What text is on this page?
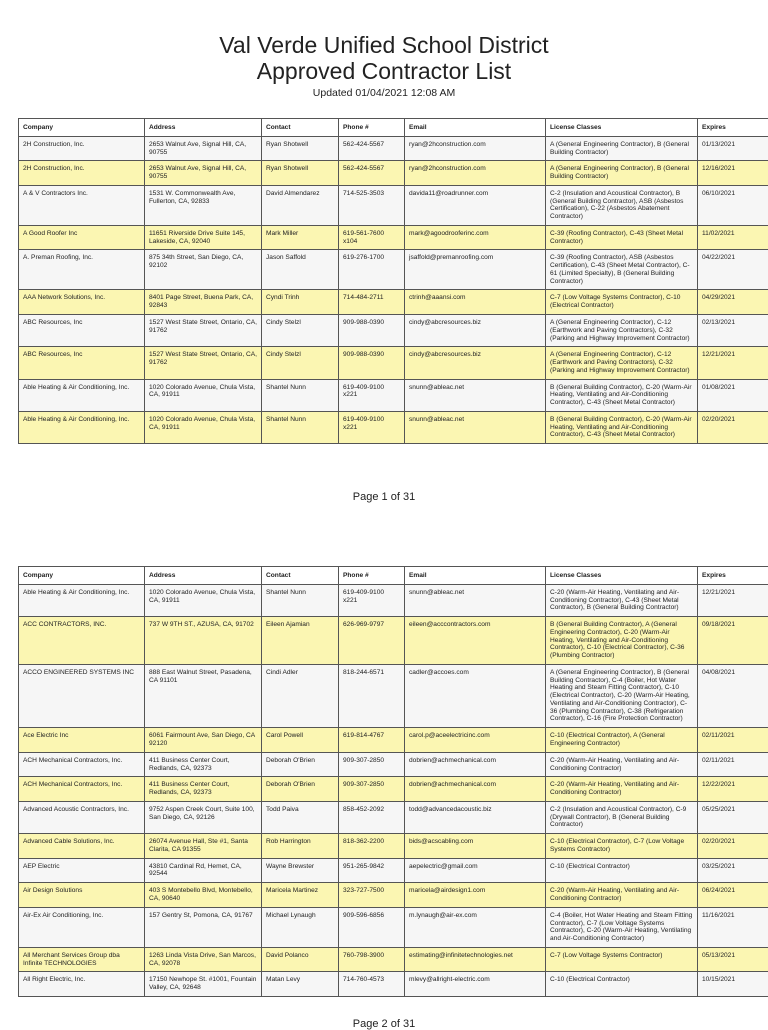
Val Verde Unified School District
Approved Contractor List
Updated 01/04/2021 12:08 AM
Company	Address	Contact	Phone #	Email	License Classes	Expires
2H Construction, Inc.	2653 Walnut Ave, Signal Hill, CA, 90755	Ryan Shotwell	562-424-5567	ryan@2hconstruction.com	A (General Engineering Contractor), B (General Building Contractor)	01/13/2021
2H Construction, Inc.	2653 Walnut Ave, Signal Hill, CA, 90755	Ryan Shotwell	562-424-5567	ryan@2hconstruction.com	A (General Engineering Contractor), B (General Building Contractor)	12/16/2021
A & V Contractors Inc.	1531 W. Commonwealth Ave, Fullerton, CA, 92833	David Almendarez	714-525-3503	davida11@roadrunner.com	C-2 (Insulation and Acoustical Contractor), B (General Building Contractor), ASB (Asbestos Certification), C-22 (Asbestos Abatement Contractor)	06/10/2021
A Good Roofer Inc	11651 Riverside Drive Suite 145, Lakeside, CA, 92040	Mark Miller	619-561-7600 x104	mark@agoodrooferinc.com	C-39 (Roofing Contractor), C-43 (Sheet Metal Contractor)	11/02/2021
A. Preman Roofing, Inc.	875 34th Street, San Diego, CA, 92102	Jason Saffold	619-276-1700	jsaffold@premanroofing.com	C-39 (Roofing Contractor), ASB (Asbestos Certification), C-43 (Sheet Metal Contractor), C-61 (Limited Specialty), B (General Building Contractor)	04/22/2021
AAA Network Solutions, Inc.	8401 Page Street, Buena Park, CA, 92843	Cyndi Trinh	714-484-2711	ctrinh@aaansi.com	C-7 (Low Voltage Systems Contractor), C-10 (Electrical Contractor)	04/29/2021
ABC Resources, Inc	1527 West State Street, Ontario, CA, 91762	Cindy Stelzl	909-988-0390	cindy@abcresources.biz	A (General Engineering Contractor), C-12 (Earthwork and Paving Contractors), C-32 (Parking and Highway Improvement Contractor)	02/13/2021
ABC Resources, Inc	1527 West State Street, Ontario, CA, 91762	Cindy Stelzl	909-988-0390	cindy@abcresources.biz	A (General Engineering Contractor), C-12 (Earthwork and Paving Contractors), C-32 (Parking and Highway Improvement Contractor)	12/21/2021
Able Heating & Air Conditioning, Inc.	1020 Colorado Avenue, Chula Vista, CA, 91911	Shantel Nunn	619-409-9100 x221	snunn@ableac.net	B (General Building Contractor), C-20 (Warm-Air Heating, Ventilating and Air-Conditioning Contractor), C-43 (Sheet Metal Contractor)	01/08/2021
Able Heating & Air Conditioning, Inc.	1020 Colorado Avenue, Chula Vista, CA, 91911	Shantel Nunn	619-409-9100 x221	snunn@ableac.net	B (General Building Contractor), C-20 (Warm-Air Heating, Ventilating and Air-Conditioning Contractor), C-43 (Sheet Metal Contractor)	02/20/2021
Page 1 of 31
Company	Address	Contact	Phone #	Email	License Classes	Expires
Able Heating & Air Conditioning, Inc.	1020 Colorado Avenue, Chula Vista, CA, 91911	Shantel Nunn	619-409-9100 x221	snunn@ableac.net	C-20 (Warm-Air Heating, Ventilating and Air-Conditioning Contractor), C-43 (Sheet Metal Contractor), B (General Building Contractor)	12/21/2021
ACC CONTRACTORS, INC.	737 W 9TH ST., AZUSA, CA, 91702	Eileen Ajamian	626-969-9797	eileen@acccontractors.com	B (General Building Contractor), A (General Engineering Contractor), C-20 (Warm-Air Heating, Ventilating and Air-Conditioning Contractor), C-10 (Electrical Contractor), C-36 (Plumbing Contractor)	09/18/2021
ACCO ENGINEERED SYSTEMS INC	888 East Walnut Street, Pasadena, CA 91101	Cindi Adler	818-244-6571	cadler@accoes.com	A (General Engineering Contractor), B (General Building Contractor), C-4 (Boiler, Hot Water Heating and Steam Fitting Contractor), C-10 (Electrical Contractor), C-20 (Warm-Air Heating, Ventilating and Air-Conditioning Contractor), C-36 (Plumbing Contractor), C-38 (Refrigeration Contractor), C-16 (Fire Protection Contractor)	04/08/2021
Ace Electric Inc	6061 Fairmount Ave, San Diego, CA 92120	Carol Powell	619-814-4767	carol.p@aceelectricinc.com	C-10 (Electrical Contractor), A (General Engineering Contractor)	02/11/2021
ACH Mechanical Contractors, Inc.	411 Business Center Court, Redlands, CA, 92373	Deborah O'Brien	909-307-2850	dobrien@achmechanical.com	C-20 (Warm-Air Heating, Ventilating and Air-Conditioning Contractor)	02/11/2021
ACH Mechanical Contractors, Inc.	411 Business Center Court, Redlands, CA, 92373	Deborah O'Brien	909-307-2850	dobrien@achmechanical.com	C-20 (Warm-Air Heating, Ventilating and Air-Conditioning Contractor)	12/22/2021
Advanced Acoustic Contractors, Inc.	9752 Aspen Creek Court, Suite 100, San Diego, CA, 92126	Todd Paiva	858-452-2092	todd@advancedacoustic.biz	C-2 (Insulation and Acoustical Contractor), C-9 (Drywall Contractor), B (General Building Contractor)	05/25/2021
Advanced Cable Solutions, Inc.	26074 Avenue Hall, Ste #1, Santa Clarita, CA 91355	Rob Harrington	818-362-2200	bids@acscabling.com	C-10 (Electrical Contractor), C-7 (Low Voltage Systems Contractor)	02/20/2021
AEP Electric	43810 Cardinal Rd, Hemet, CA, 92544	Wayne Brewster	951-265-9842	aepelectric@gmail.com	C-10 (Electrical Contractor)	03/25/2021
Air Design Solutions	403 S Montebello Blvd, Montebello, CA, 90640	Maricela Martinez	323-727-7500	maricela@airdesign1.com	C-20 (Warm-Air Heating, Ventilating and Air-Conditioning Contractor)	06/24/2021
Air-Ex Air Conditioning, Inc.	157 Gentry St, Pomona, CA, 91767	Michael Lynaugh	909-596-6856	m.lynaugh@air-ex.com	C-4 (Boiler, Hot Water Heating and Steam Fitting Contractor), C-7 (Low Voltage Systems Contractor), C-20 (Warm-Air Heating, Ventilating and Air-Conditioning Contractor)	11/16/2021
All Merchant Services Group dba Infinite TECHNOLOGIES	1263 Linda Vista Drive, San Marcos, CA, 92078	David Polanco	760-798-3900	estimating@infinitetechnologies.net	C-7 (Low Voltage Systems Contractor)	05/13/2021
All Right Electric, Inc.	17150 Newhope St. #1001, Fountain Valley, CA, 92648	Matan Levy	714-760-4573	mlevy@allright-electric.com	C-10 (Electrical Contractor)	10/15/2021
Page 2 of 31
